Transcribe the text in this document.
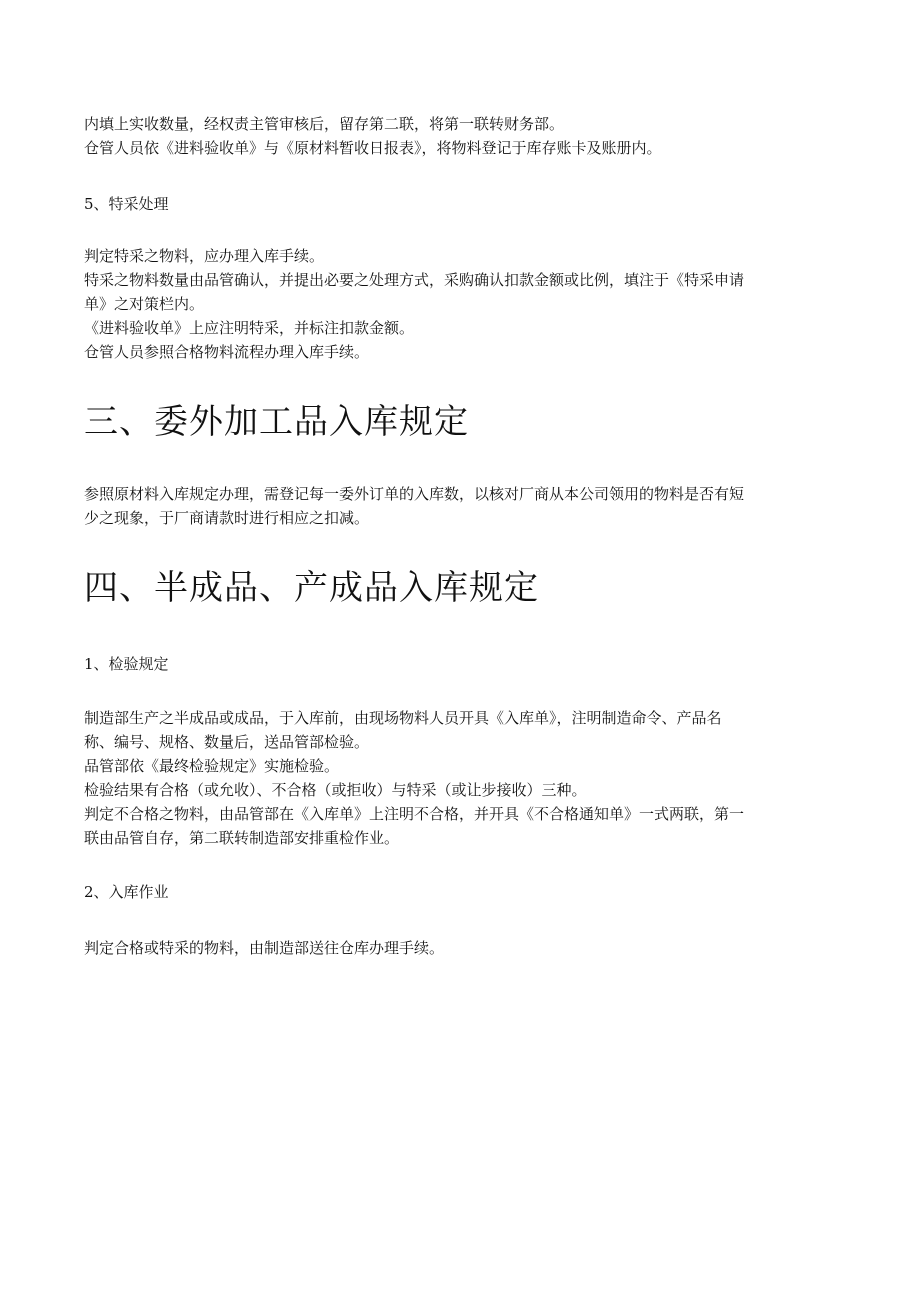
内填上实收数量，经权责主管审核后，留存第二联，将第一联转财务部。
仓管人员依《进料验收单》与《原材料暂收日报表》，将物料登记于库存账卡及账册内。
5、特采处理
判定特采之物料，应办理入库手续。
特采之物料数量由品管确认，并提出必要之处理方式，采购确认扣款金额或比例，填注于《特采申请
单》之对策栏内。
《进料验收单》上应注明特采，并标注扣款金额。
仓管人员参照合格物料流程办理入库手续。
三、委外加工品入库规定
参照原材料入库规定办理，需登记每一委外订单的入库数，以核对厂商从本公司领用的物料是否有短
少之现象，于厂商请款时进行相应之扣减。
四、半成品、产成品入库规定
1、检验规定
制造部生产之半成品或成品，于入库前，由现场物料人员开具《入库单》，注明制造命令、产品名
称、编号、规格、数量后，送品管部检验。
品管部依《最终检验规定》实施检验。
检验结果有合格（或允收）、不合格（或拒收）与特采（或让步接收）三种。
判定不合格之物料，由品管部在《入库单》上注明不合格，并开具《不合格通知单》一式两联，第一
联由品管自存，第二联转制造部安排重检作业。
2、入库作业
判定合格或特采的物料，由制造部送往仓库办理手续。
